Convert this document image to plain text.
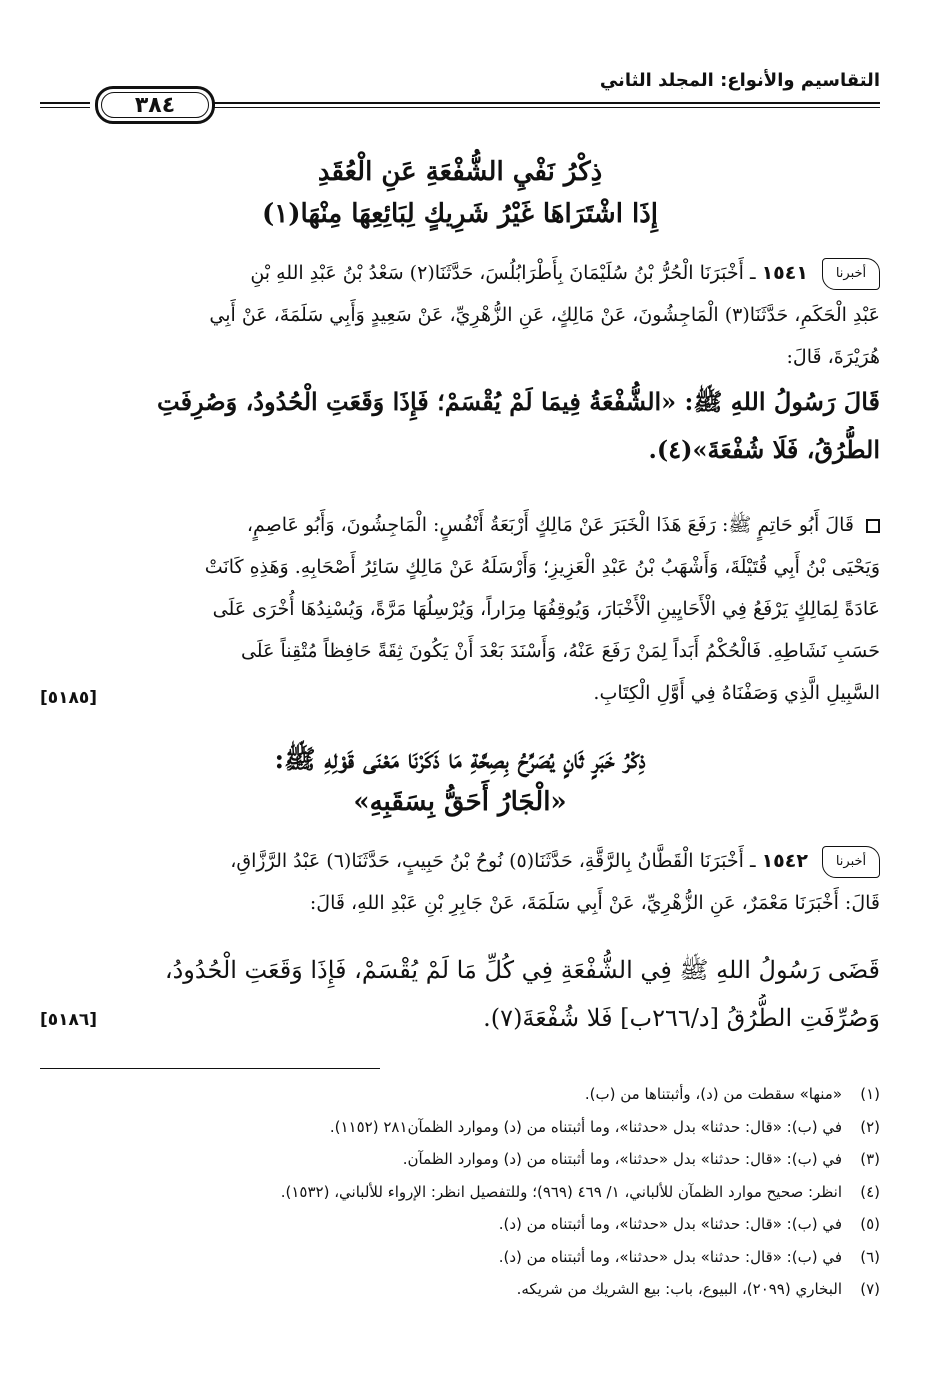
التقاسيم والأنواع: المجلد الثاني
٣٨٤
ذِكْرُ نَفْيِ الشُّفْعَةِ عَنِ الْعُقَدِ
إِذَا اشْتَرَاهَا غَيْرُ شَرِيكٍ لِبَائِعِهَا مِنْهَا(١)
أخبرنا ١٥٤١ ـ أَخْبَرَنَا الْحُرُّ بْنُ سُلَيْمَانَ بِأَطْرَابُلُسَ، حَدَّثَنَا(٢) سَعْدُ بْنُ عَبْدِ اللهِ بْنِ
عَبْدِ الْحَكَمِ، حَدَّثَنَا(٣) الْمَاجِشُونَ، عَنْ مَالِكٍ، عَنِ الزُّهْرِيِّ، عَنْ سَعِيدٍ وَأَبِي سَلَمَةَ، عَنْ أَبِي
هُرَيْرَةَ، قَالَ:
قَالَ رَسُولُ اللهِ ﷺ: «الشُّفْعَةُ فِيمَا لَمْ يُقْسَمْ؛ فَإِذَا وَقَعَتِ الْحُدُودُ، وَصُرِفَتِ
الطُّرُقُ، فَلَا شُفْعَةَ»(٤).
قَالَ أَبُو حَاتِمٍ ﷺ: رَفَعَ هَذَا الْخَبَرَ عَنْ مَالِكٍ أَرْبَعَةُ أَنْفُسٍ: الْمَاجِشُونَ، وَأَبُو عَاصِمٍ،
وَيَحْيَى بْنُ أَبِي قُتَيْلَةَ، وَأَشْهَبُ بْنُ عَبْدِ الْعَزِيزِ؛ وَأَرْسَلَهُ عَنْ مَالِكٍ سَائِرُ أَصْحَابِهِ. وَهَذِهِ كَانَتْ
عَادَةً لِمَالِكٍ يَرْفَعُ فِي الْأَحَايِينِ الْأَخْبَارَ، وَيُوقِفُهَا مِرَاراً، وَيُرْسِلُهَا مَرَّةً، وَيُسْنِدُهَا أُخْرَى عَلَى
حَسَبِ نَشَاطِهِ. فَالْحُكْمُ أَبَداً لِمَنْ رَفَعَ عَنْهُ، وَأَسْنَدَ بَعْدَ أَنْ يَكُونَ ثِقَةً حَافِظاً مُتْقِناً عَلَى
السَّبِيلِ الَّذِي وَصَفْنَاهُ فِي أَوَّلِ الْكِتَابِ.
[٥١٨٥]
ذِكْرُ خَبَرٍ ثَانٍ يُصَرِّحُ بِصِحَّةِ مَا ذَكَرْنَا مَعْنَى قَوْلِهِ ﷺ:
«الْجَارُ أَحَقُّ بِسَقَبِهِ»
أخبرنا ١٥٤٢ ـ أَخْبَرَنَا الْقَطَّانُ بِالرَّقَّةِ، حَدَّثَنَا(٥) نُوحُ بْنُ حَبِيبٍ، حَدَّثَنَا(٦) عَبْدُ الرَّزَّاقِ،
قَالَ: أَخْبَرَنَا مَعْمَرٌ، عَنِ الزُّهْرِيِّ، عَنْ أَبِي سَلَمَةَ، عَنْ جَابِرِ بْنِ عَبْدِ اللهِ، قَالَ:
قَضَى رَسُولُ اللهِ ﷺ فِي الشُّفْعَةِ فِي كُلِّ مَا لَمْ يُقْسَمْ، فَإِذَا وَقَعَتِ الْحُدُودُ،
وَصُرِّفَتِ الطُّرُقُ [د/٢٦٦ب] فَلا شُفْعَةَ(٧).
[٥١٨٦]
(١)«منها» سقطت من (د)، وأثبتناها من (ب).
(٢)في (ب): «قال: حدثنا» بدل «حدثنا»، وما أثبتناه من (د) وموارد الظمآن٢٨١ (١١٥٢).
(٣)في (ب): «قال: حدثنا» بدل «حدثنا»، وما أثبتناه من (د) وموارد الظمآن.
(٤)انظر: صحيح موارد الظمآن للألباني، ١/ ٤٦٩ (٩٦٩)؛ وللتفصيل انظر: الإرواء للألباني، (١٥٣٢).
(٥)في (ب): «قال: حدثنا» بدل «حدثنا»، وما أثبتناه من (د).
(٦)في (ب): «قال: حدثنا» بدل «حدثنا»، وما أثبتناه من (د).
(٧)البخاري (٢٠٩٩)، البيوع، باب: بيع الشريك من شريكه.
